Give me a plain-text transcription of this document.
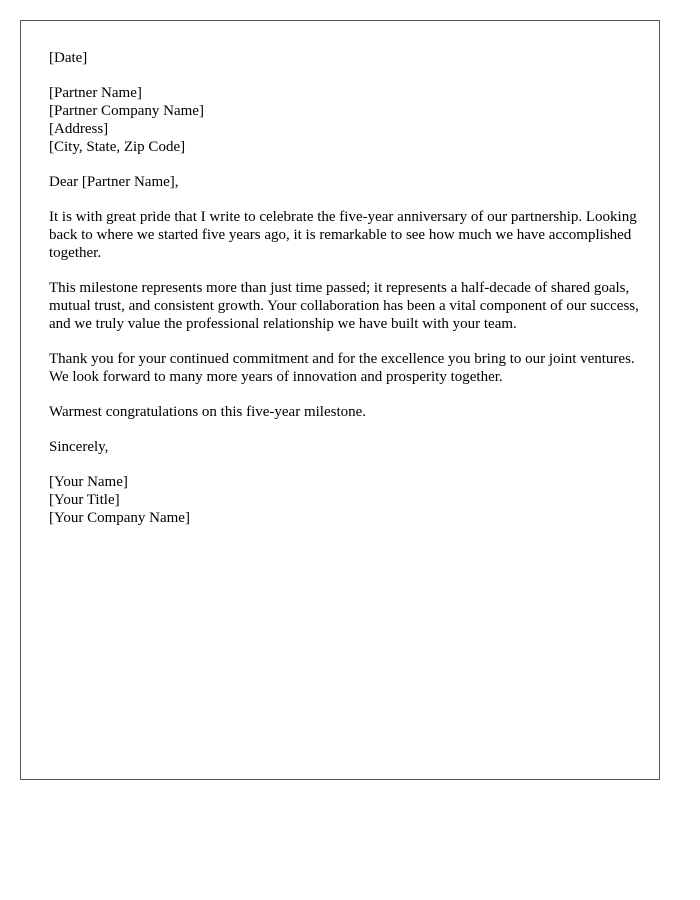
[Date]

[Partner Name]
[Partner Company Name]
[Address]
[City, State, Zip Code]

Dear [Partner Name],

It is with great pride that I write to celebrate the five-year anniversary of our partnership. Looking back to where we started five years ago, it is remarkable to see how much we have accomplished together.

This milestone represents more than just time passed; it represents a half-decade of shared goals, mutual trust, and consistent growth. Your collaboration has been a vital component of our success, and we truly value the professional relationship we have built with your team.

Thank you for your continued commitment and for the excellence you bring to our joint ventures. We look forward to many more years of innovation and prosperity together.

Warmest congratulations on this five-year milestone.

Sincerely,

[Your Name]
[Your Title]
[Your Company Name]
